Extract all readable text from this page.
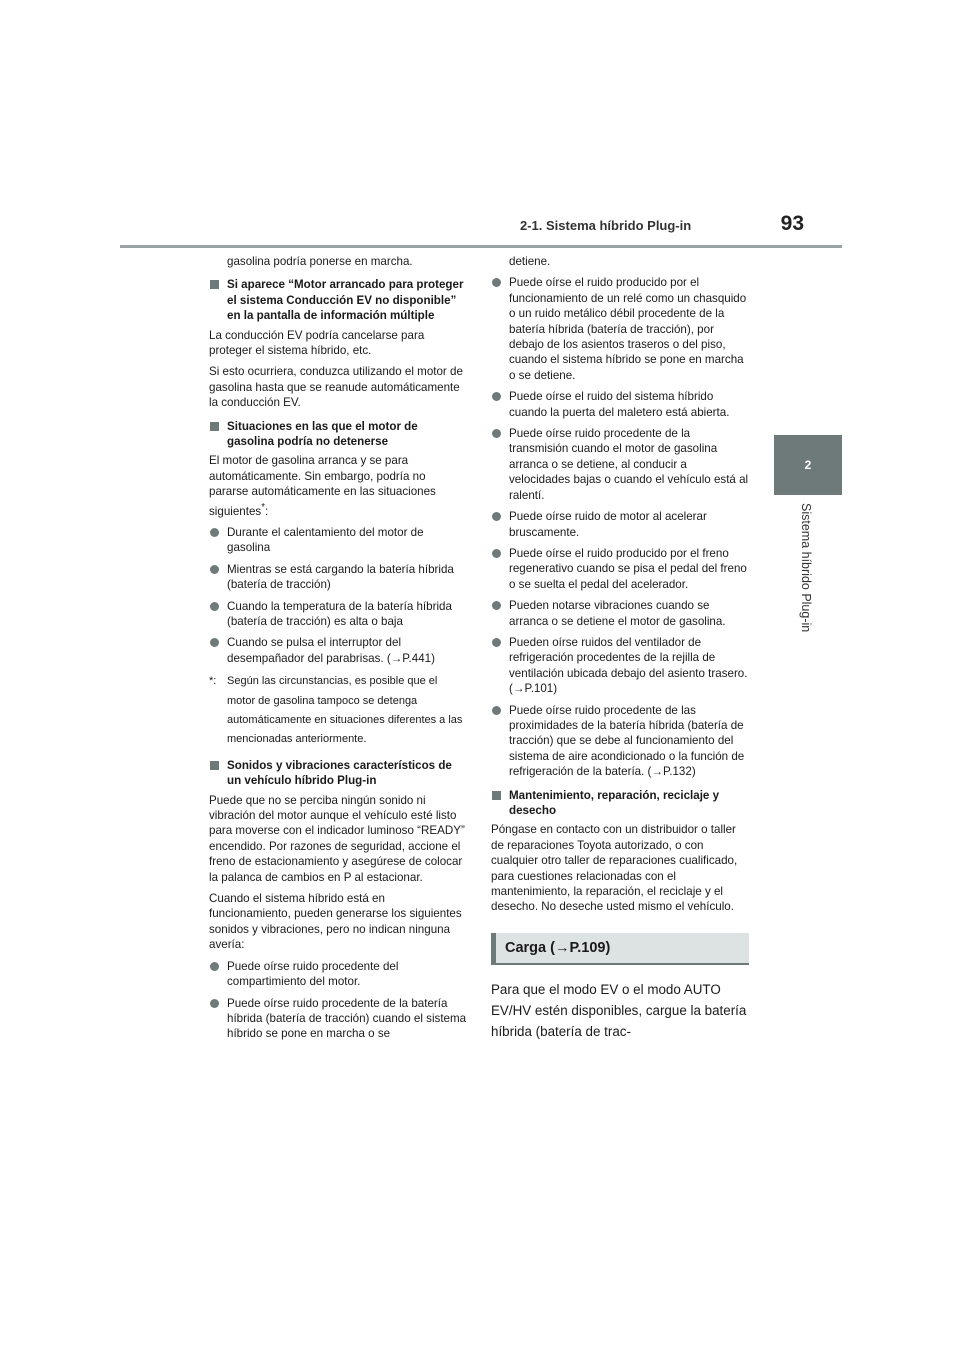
2-1. Sistema híbrido Plug-in	93
2
Sistema híbrido Plug-in

gasolina podría ponerse en marcha.

Si aparece “Motor arrancado para proteger el sistema Conducción EV no disponible” en la pantalla de información múltiple

La conducción EV podría cancelarse para proteger el sistema híbrido, etc.

Si esto ocurriera, conduzca utilizando el motor de gasolina hasta que se reanude automáticamente la conducción EV.

Situaciones en las que el motor de gasolina podría no detenerse

El motor de gasolina arranca y se para automáticamente. Sin embargo, podría no pararse automáticamente en las situaciones siguientes*:

Durante el calentamiento del motor de gasolina
Mientras se está cargando la batería híbrida (batería de tracción)
Cuando la temperatura de la batería híbrida (batería de tracción) es alta o baja
Cuando se pulsa el interruptor del desempañador del parabrisas. (→P.441)
*: Según las circunstancias, es posible que el motor de gasolina tampoco se detenga automáticamente en situaciones diferentes a las mencionadas anteriormente.
Sonidos y vibraciones característicos de un vehículo híbrido Plug-in

Puede que no se perciba ningún sonido ni vibración del motor aunque el vehículo esté listo para moverse con el indicador luminoso “READY” encendido. Por razones de seguridad, accione el freno de estacionamiento y asegúrese de colocar la palanca de cambios en P al estacionar.

Cuando el sistema híbrido está en funcionamiento, pueden generarse los siguientes sonidos y vibraciones, pero no indican ninguna avería:

Puede oírse ruido procedente del compartimiento del motor.
Puede oírse ruido procedente de la batería híbrida (batería de tracción) cuando el sistema híbrido se pone en marcha o se

detiene.

Puede oírse el ruido producido por el funcionamiento de un relé como un chasquido o un ruido metálico débil procedente de la batería híbrida (batería de tracción), por debajo de los asientos traseros o del piso, cuando el sistema híbrido se pone en marcha o se detiene.
Puede oírse el ruido del sistema híbrido cuando la puerta del maletero está abierta.
Puede oírse ruido procedente de la transmisión cuando el motor de gasolina arranca o se detiene, al conducir a velocidades bajas o cuando el vehículo está al ralentí.
Puede oírse ruido de motor al acelerar bruscamente.
Puede oírse el ruido producido por el freno regenerativo cuando se pisa el pedal del freno o se suelta el pedal del acelerador.
Pueden notarse vibraciones cuando se arranca o se detiene el motor de gasolina.
Pueden oírse ruidos del ventilador de refrigeración procedentes de la rejilla de ventilación ubicada debajo del asiento trasero. (→P.101)
Puede oírse ruido procedente de las proximidades de la batería híbrida (batería de tracción) que se debe al funcionamiento del sistema de aire acondicionado o la función de refrigeración de la batería. (→P.132)
Mantenimiento, reparación, reciclaje y desecho

Póngase en contacto con un distribuidor o taller de reparaciones Toyota autorizado, o con cualquier otro taller de reparaciones cualificado, para cuestiones relacionadas con el mantenimiento, la reparación, el reciclaje y el desecho. No deseche usted mismo el vehículo.

Carga (→P.109)

Para que el modo EV o el modo AUTO EV/HV estén disponibles, cargue la batería híbrida (batería de trac-
